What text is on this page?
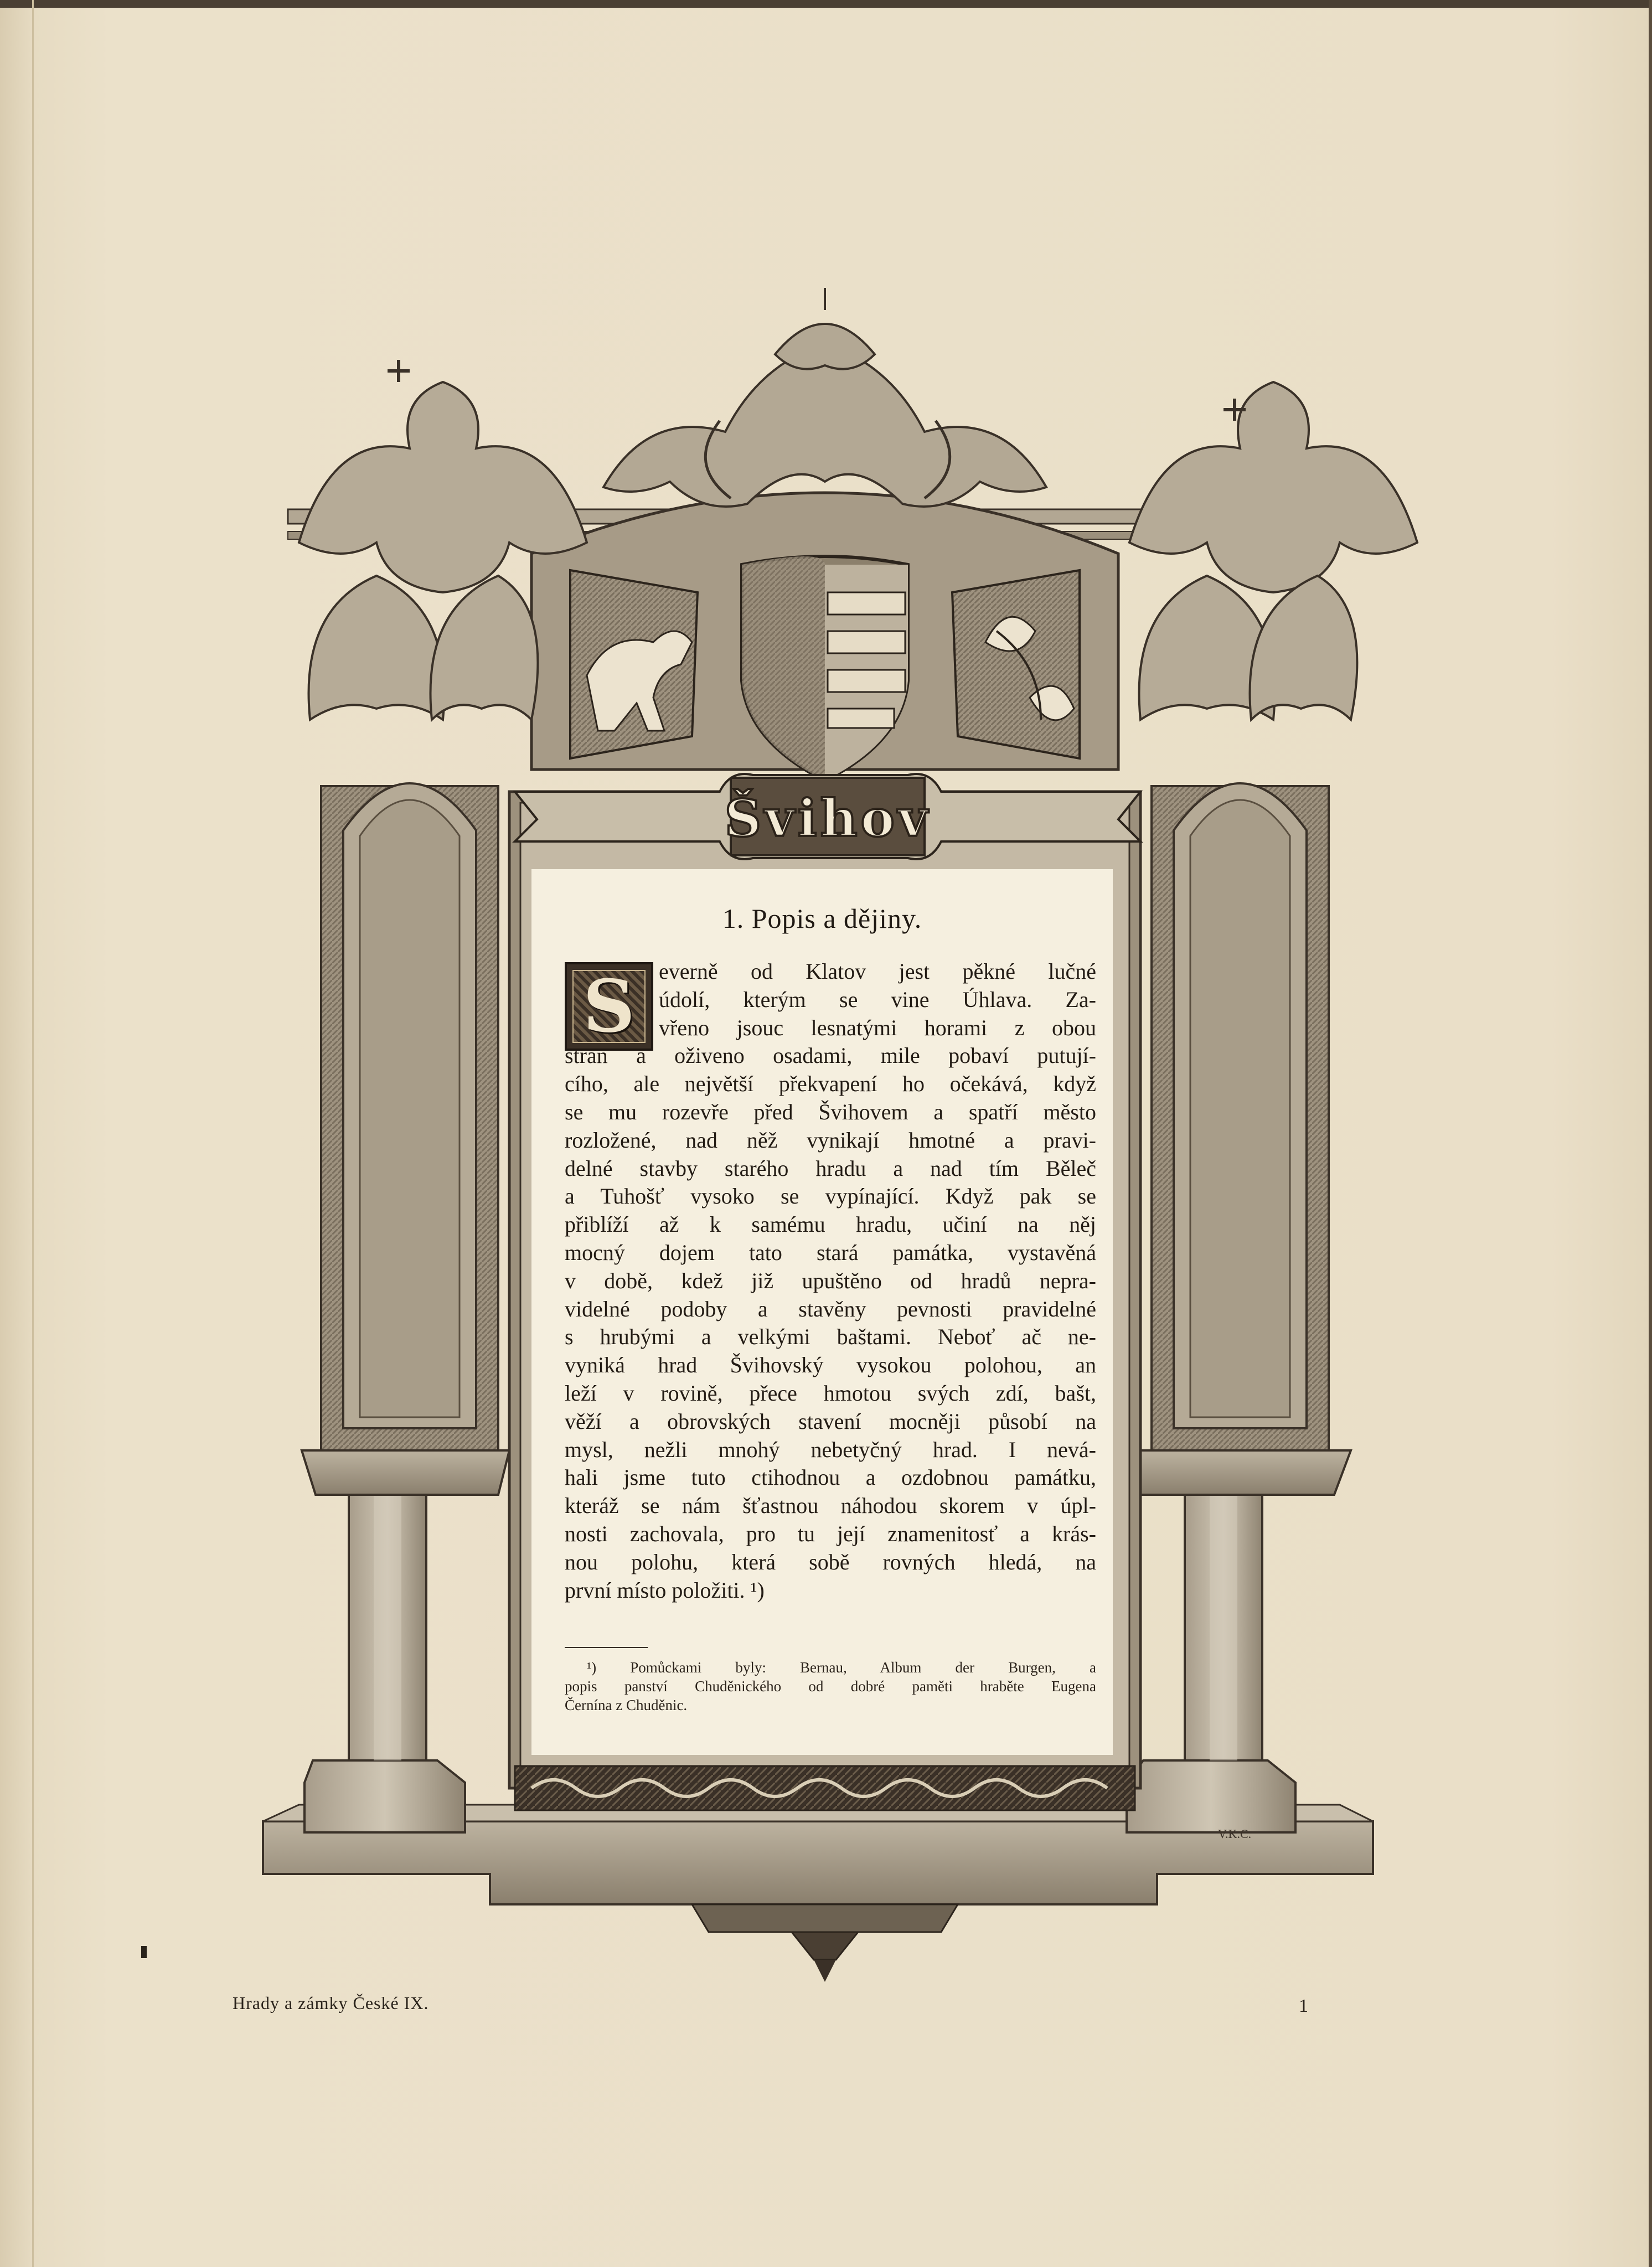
Švihov
V.K.C.
1. Popis a dějiny.
S	everně od Klatov jest pěkné lučné
údolí, kterým se vine Úhlava. Za-
vřeno jsouc lesnatými horami z obou
stran a oživeno osadami, mile pobaví putují-
cího, ale největší překvapení ho očekává, když
se mu rozevře před Švihovem a spatří město
rozložené, nad něž vynikají hmotné a pravi-
delné stavby starého hradu a nad tím Běleč
a Tuhošť vysoko se vypínající. Když pak se
přiblíží až k samému hradu, učiní na něj
mocný dojem tato stará památka, vystavěná
v době, kdež již upuštěno od hradů nepra-
videlné podoby a stavěny pevnosti pravidelné
s hrubými a velkými baštami. Neboť ač ne-
vyniká hrad Švihovský vysokou polohou, an
leží v rovině, přece hmotou svých zdí, bašt,
věží a obrovských stavení mocněji působí na
mysl, nežli mnohý nebetyčný hrad. I nevá-
hali jsme tuto ctihodnou a ozdobnou památku,
kteráž se nám šťastnou náhodou skorem v úpl-
nosti zachovala, pro tu její znamenitosť a krás-
nou polohu, která sobě rovných hledá, na
první místo položiti. ¹)
¹) Pomůckami byly: Bernau, Album der Burgen, a
popis panství Chuděnického od dobré paměti hraběte Eugena
Černína z Chuděnic.
Hrady a zámky České IX.	1
